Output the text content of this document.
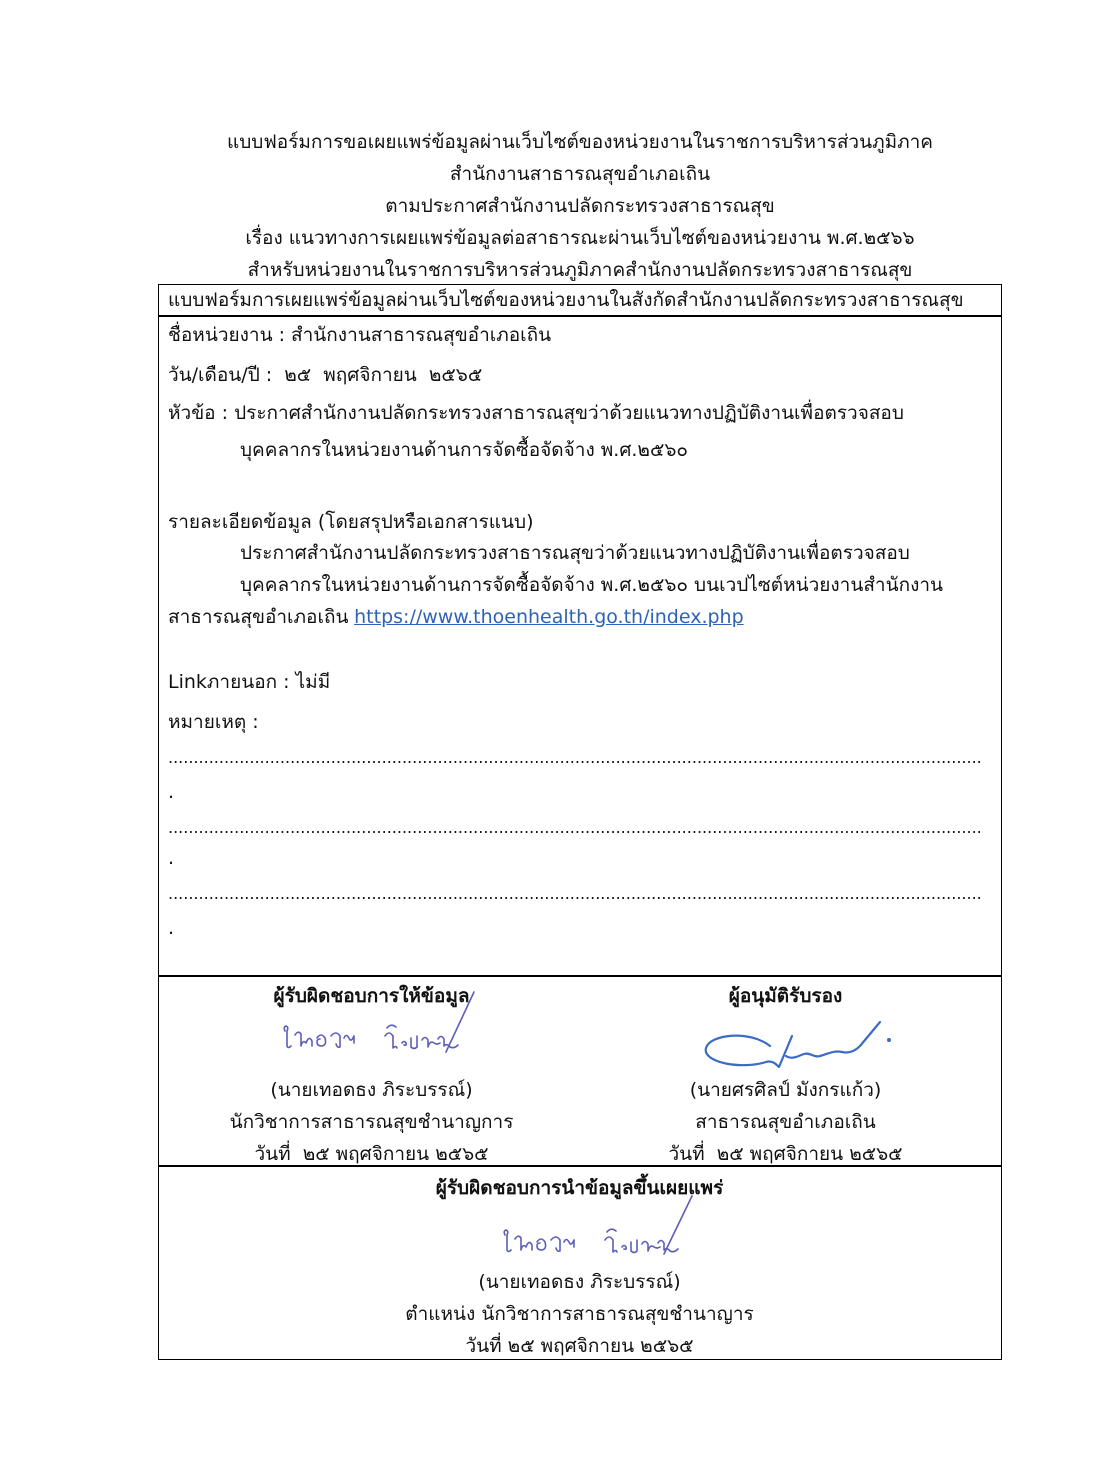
แบบฟอร์มการขอเผยแพร่ข้อมูลผ่านเว็บไซต์ของหน่วยงานในราชการบริหารส่วนภูมิภาค
สำนักงานสาธารณสุขอำเภอเถิน
ตามประกาศสำนักงานปลัดกระทรวงสาธารณสุข
เรื่อง แนวทางการเผยแพร่ข้อมูลต่อสาธารณะผ่านเว็บไซต์ของหน่วยงาน พ.ศ.๒๕๖๖
สำหรับหน่วยงานในราชการบริหารส่วนภูมิภาคสำนักงานปลัดกระทรวงสาธารณสุข
แบบฟอร์มการเผยแพร่ข้อมูลผ่านเว็บไซต์ของหน่วยงานในสังกัดสำนักงานปลัดกระทรวงสาธารณสุข
ชื่อหน่วยงาน : สำนักงานสาธารณสุขอำเภอเถิน
วัน/เดือน/ปี :  ๒๕  พฤศจิกายน  ๒๕๖๕
หัวข้อ : ประกาศสำนักงานปลัดกระทรวงสาธารณสุขว่าด้วยแนวทางปฏิบัติงานเพื่อตรวจสอบ
บุคคลากรในหน่วยงานด้านการจัดซื้อจัดจ้าง พ.ศ.๒๕๖๐
รายละเอียดข้อมูล (โดยสรุปหรือเอกสารแนบ)
ประกาศสำนักงานปลัดกระทรวงสาธารณสุขว่าด้วยแนวทางปฏิบัติงานเพื่อตรวจสอบ
บุคคลากรในหน่วยงานด้านการจัดซื้อจัดจ้าง พ.ศ.๒๕๖๐ บนเวปไซต์หน่วยงานสำนักงาน
สาธารณสุขอำเภอเถิน https://www.thoenhealth.go.th/index.php
Linkภายนอก : ไม่มี
หมายเหตุ :
................................................................................................................................................................
.
................................................................................................................................................................
.
................................................................................................................................................................
.
ผู้รับผิดชอบการให้ข้อมูล
(นายเทอดธง ภิระบรรณ์)
นักวิชาการสาธารณสุขชำนาญการ
วันที่  ๒๕ พฤศจิกายน ๒๕๖๕
ผู้อนุมัติรับรอง
(นายศรศิลป์ มังกรแก้ว)
สาธารณสุขอำเภอเถิน
วันที่  ๒๕ พฤศจิกายน ๒๕๖๕
ผู้รับผิดชอบการนำข้อมูลขึ้นเผยแพร่
(นายเทอดธง ภิระบรรณ์)
ตำแหน่ง นักวิชาการสาธารณสุขชำนาญาร
วันที่ ๒๕ พฤศจิกายน ๒๕๖๕
